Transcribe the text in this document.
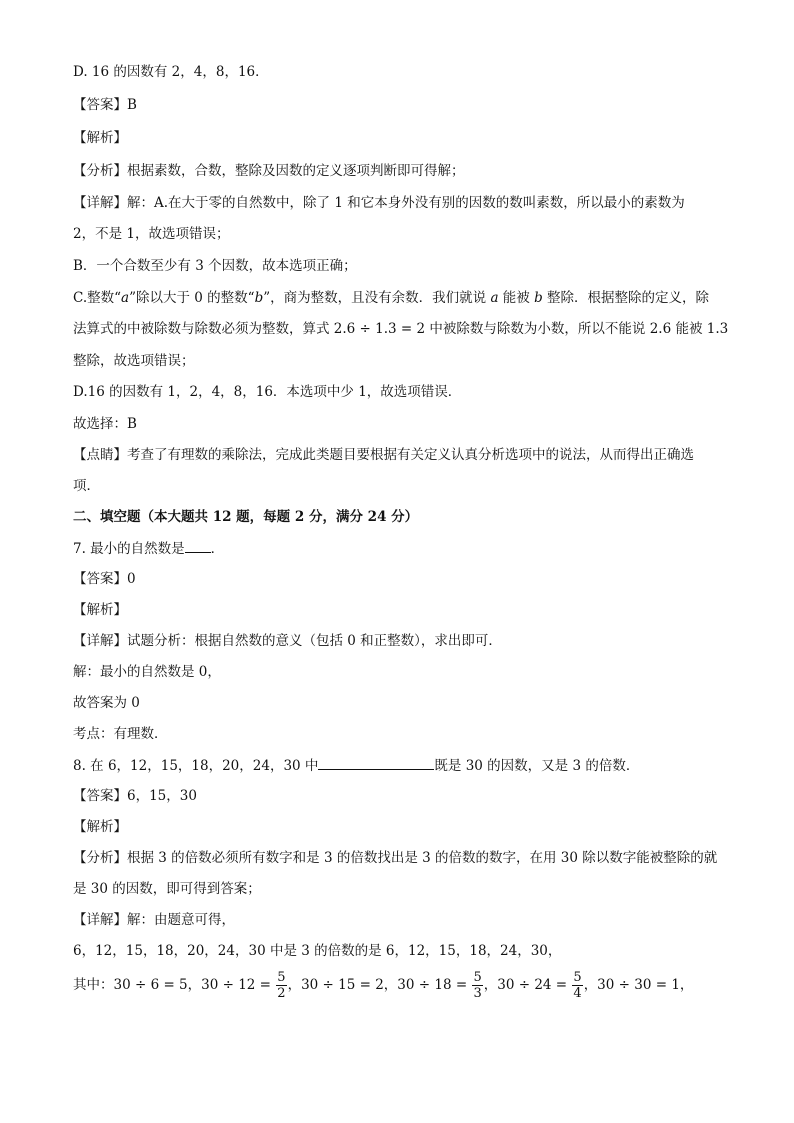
D. 16 的因数有 2，4，8，16．
【答案】B
【解析】
【分析】根据素数，合数，整除及因数的定义逐项判断即可得解；
【详解】解：A.在大于零的自然数中，除了 1 和它本身外没有别的因数的数叫素数，所以最小的素数为
2，不是 1，故选项错误；
B．一个合数至少有 3 个因数，故本选项正确；
C.整数“a”除以大于 0 的整数“b”，商为整数，且没有余数．我们就说 a 能被 b 整除．根据整除的定义，除
法算式的中被除数与除数必须为整数，算式 2.6 ÷ 1.3 = 2 中被除数与除数为小数，所以不能说 2.6 能被 1.3
整除，故选项错误；
D.16 的因数有 1，2，4，8，16．本选项中少 1，故选项错误．
故选择：B
【点睛】考查了有理数的乘除法，完成此类题目要根据有关定义认真分析选项中的说法，从而得出正确选
项．
二、填空题（本大题共 12 题，每题 2 分，满分 24 分）
7. 最小的自然数是 ．
【答案】0
【解析】
【详解】试题分析：根据自然数的意义（包括 0 和正整数），求出即可．
解：最小的自然数是 0，
故答案为 0
考点：有理数．
8. 在 6，12，15，18，20，24，30 中	既是 30 的因数，又是 3 的倍数．
【答案】6，15，30
【解析】
【分析】根据 3 的倍数必须所有数字和是 3 的倍数找出是 3 的倍数的数字，在用 30 除以数字能被整除的就
是 30 的因数，即可得到答案；
【详解】解：由题意可得，
6，12，15，18，20，24，30 中是 3 的倍数的是 6，12，15，18，24，30，
其中：30 ÷ 6 = 5，$30 \div 12 = \frac{5}{2}$ ，30 ÷ 15 = 2，$30 \div 18 = \frac{5}{3}$ ，$30 \div 24 = \frac{5}{4}$ ，30 ÷ 30 = 1，
